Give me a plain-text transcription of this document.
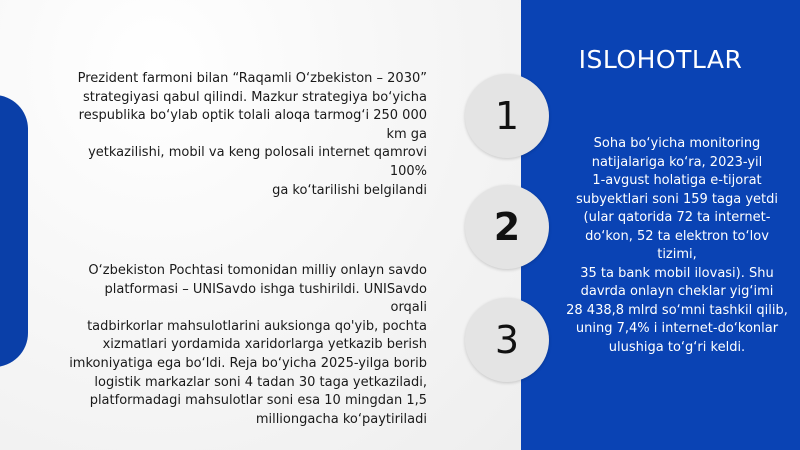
ISLOHOTLAR
Soha bo‘yicha monitoring
natijalariga ko‘ra, 2023-yil
1-avgust holatiga e-tijorat
subyektlari soni 159 taga yetdi
(ular qatorida 72 ta internet-
do‘kon, 52 ta elektron to‘lov tizimi,
35 ta bank mobil ilovasi). Shu
davrda onlayn cheklar yig‘imi
28 438,8 mlrd so‘mni tashkil qilib,
uning 7,4% i internet-do‘konlar
ulushiga to‘g‘ri keldi.
1
2
3
Prezident farmoni bilan “Raqamli O‘zbekiston – 2030”
strategiyasi qabul qilindi. Mazkur strategiya bo‘yicha
respublika bo‘ylab optik tolali aloqa tarmog‘i 250 000 km ga
yetkazilishi, mobil va keng polosali internet qamrovi 100%
ga ko‘tarilishi belgilandi
O‘zbekiston Pochtasi tomonidan milliy onlayn savdo
platformasi – UNISavdo ishga tushirildi. UNISavdo orqali
tadbirkorlar mahsulotlarini auksionga qo'yib, pochta
xizmatlari yordamida xaridorlarga yetkazib berish
imkoniyatiga ega bo‘ldi. Reja bo‘yicha 2025-yilga borib
logistik markazlar soni 4 tadan 30 taga yetkaziladi,
platformadagi mahsulotlar soni esa 10 mingdan 1,5
milliongacha ko‘paytiriladi
